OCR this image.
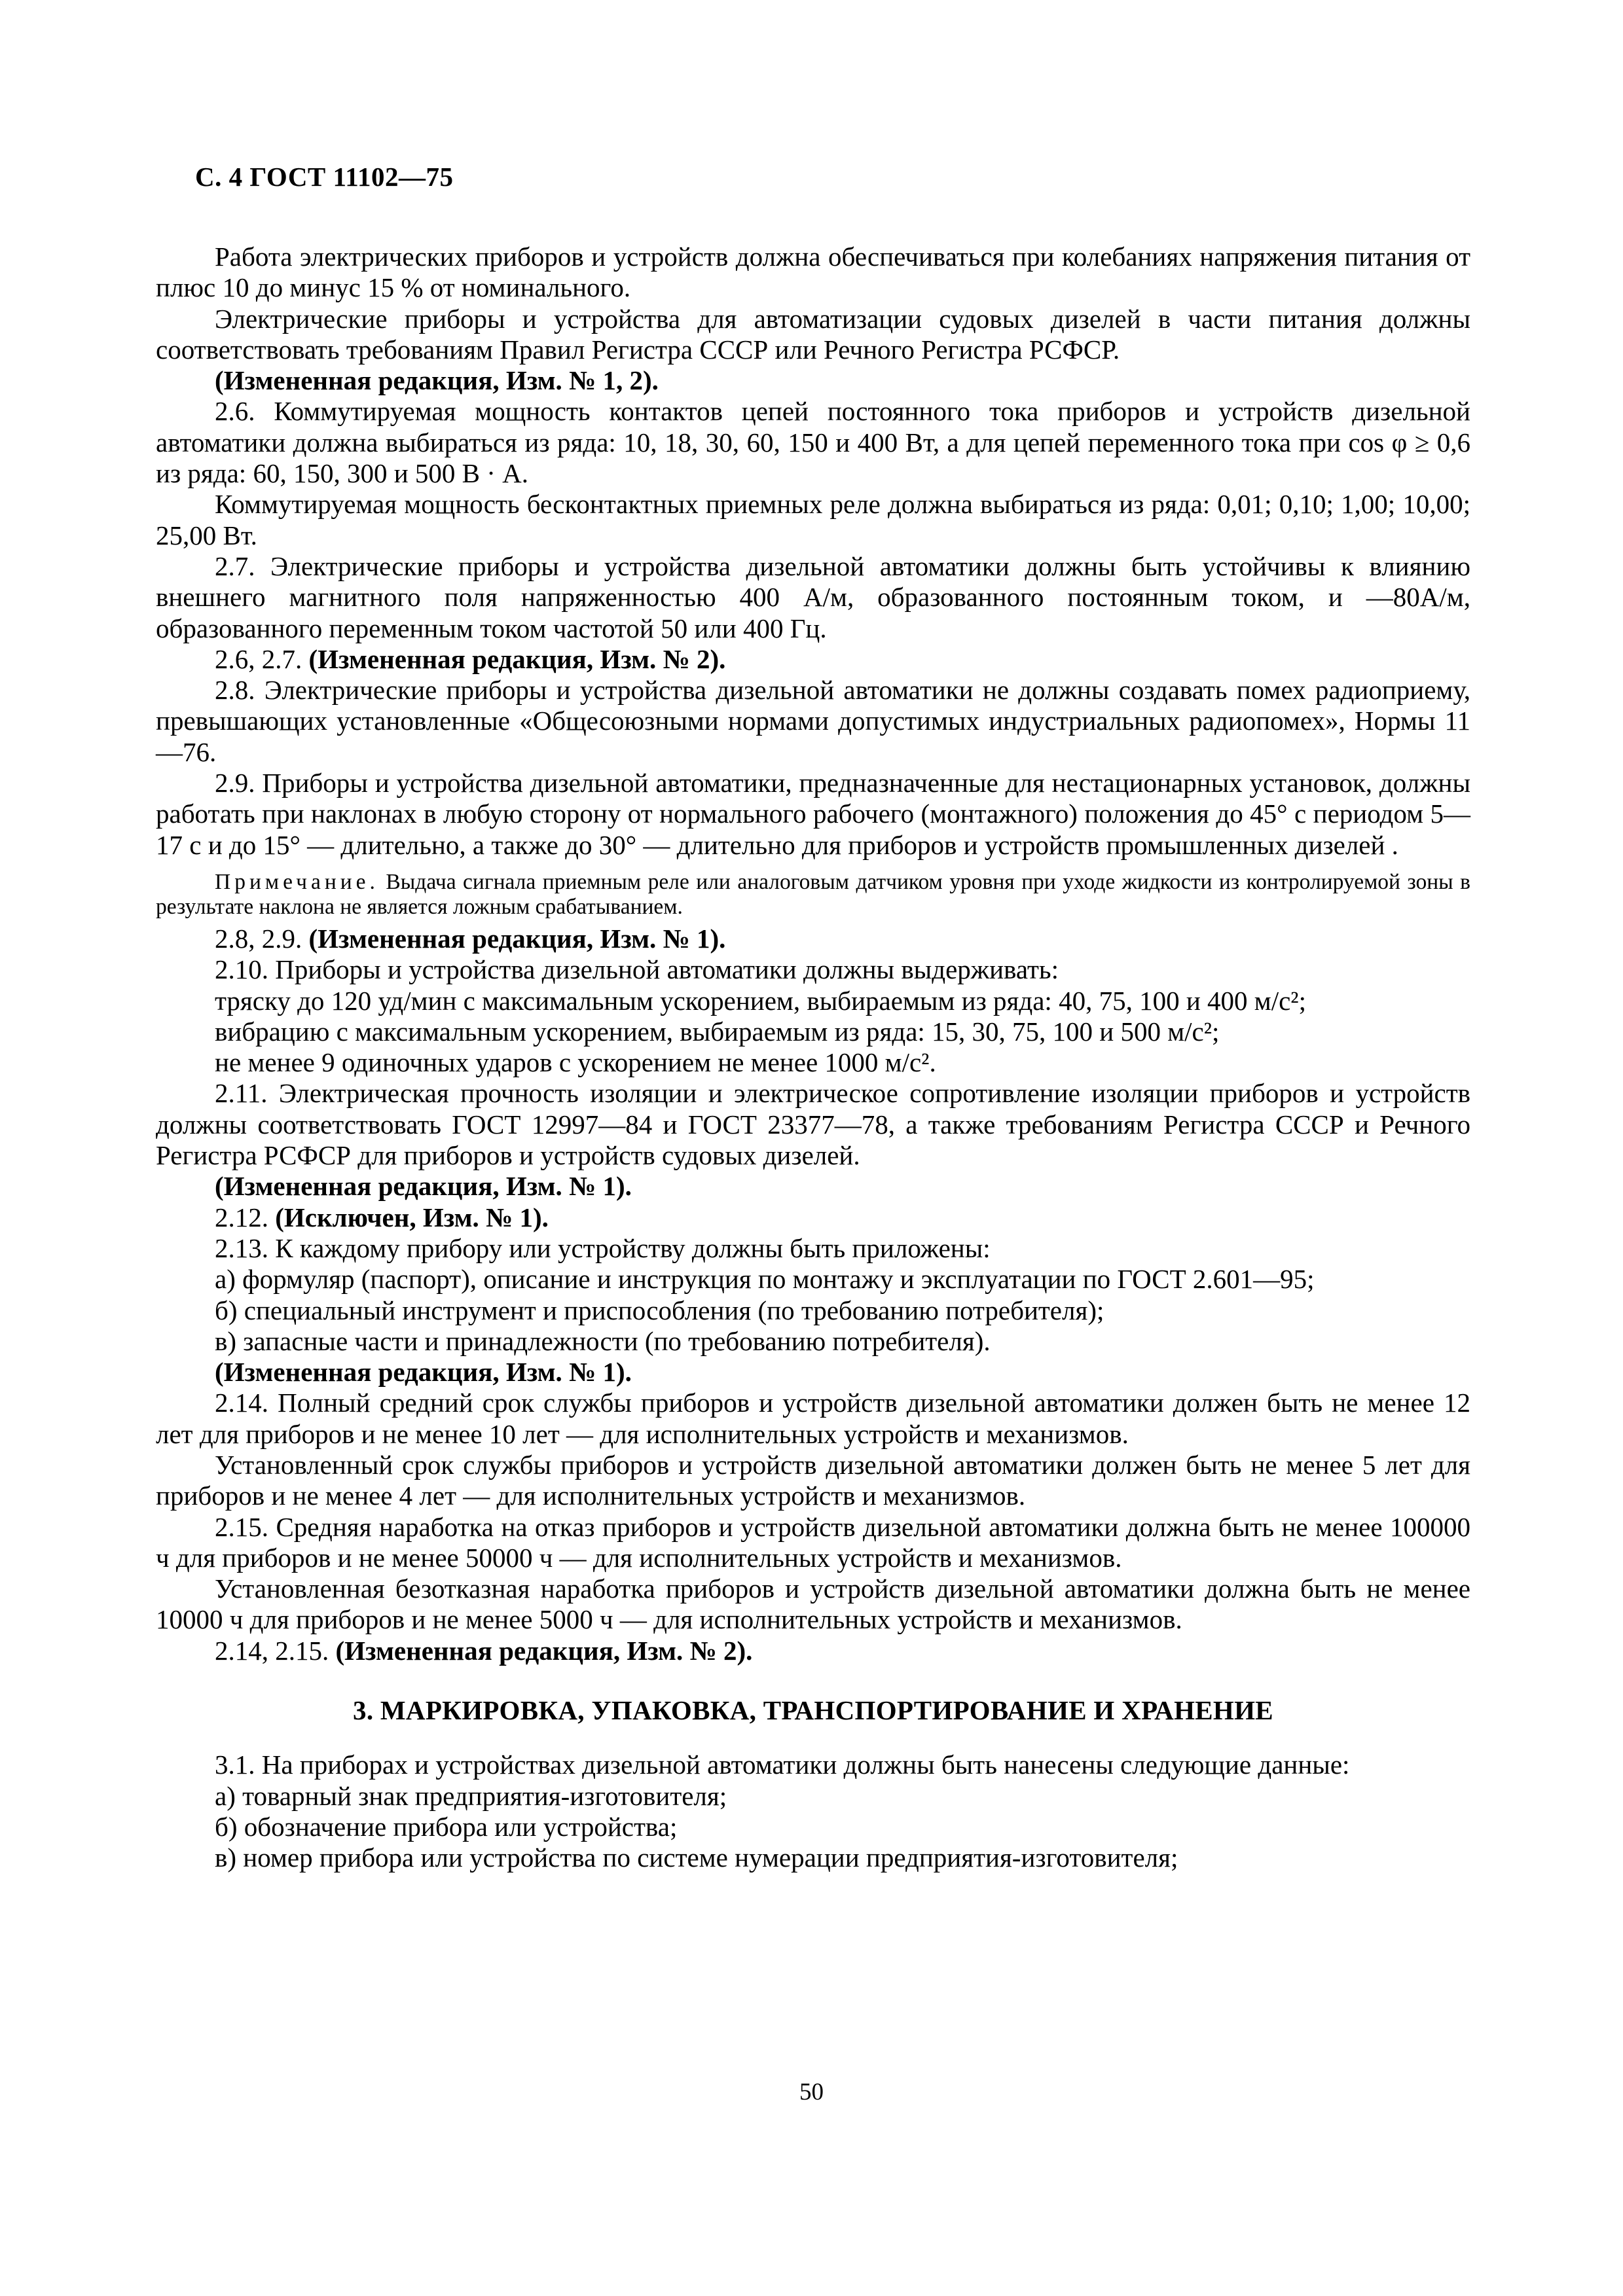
С. 4 ГОСТ 11102—75

Работа электрических приборов и устройств должна обеспечиваться при колебаниях напряжения питания от плюс 10 до минус 15 % от номинального.

Электрические приборы и устройства для автоматизации судовых дизелей в части питания должны соответствовать требованиям Правил Регистра СССР или Речного Регистра РСФСР.

(Измененная редакция, Изм. № 1, 2).

2.6. Коммутируемая мощность контактов цепей постоянного тока приборов и устройств дизельной автоматики должна выбираться из ряда: 10, 18, 30, 60, 150 и 400 Вт, а для цепей переменного тока при cos φ ≥ 0,6 из ряда: 60, 150, 300 и 500 В · А.

Коммутируемая мощность бесконтактных приемных реле должна выбираться из ряда: 0,01; 0,10; 1,00; 10,00; 25,00 Вт.

2.7. Электрические приборы и устройства дизельной автоматики должны быть устойчивы к влиянию внешнего магнитного поля напряженностью 400 А/м, образованного постоянным током, и —80А/м, образованного переменным током частотой 50 или 400 Гц.

2.6, 2.7. (Измененная редакция, Изм. № 2).

2.8. Электрические приборы и устройства дизельной автоматики не должны создавать помех радиоприему, превышающих установленные «Общесоюзными нормами допустимых индустриальных радиопомех», Нормы 11—76.

2.9. Приборы и устройства дизельной автоматики, предназначенные для нестационарных установок, должны работать при наклонах в любую сторону от нормального рабочего (монтажного) положения до 45° с периодом 5—17 с и до 15° — длительно, а также до 30° — длительно для приборов и устройств промышленных дизелей .

Примечание. Выдача сигнала приемным реле или аналоговым датчиком уровня при уходе жидкости из контролируемой зоны в результате наклона не является ложным срабатыванием.

2.8, 2.9. (Измененная редакция, Изм. № 1).

2.10. Приборы и устройства дизельной автоматики должны выдерживать:

тряску до 120 уд/мин с максимальным ускорением, выбираемым из ряда: 40, 75, 100 и 400 м/с²;

вибрацию с максимальным ускорением, выбираемым из ряда: 15, 30, 75, 100 и 500 м/с²;

не менее 9 одиночных ударов с ускорением не менее 1000 м/с².

2.11. Электрическая прочность изоляции и электрическое сопротивление изоляции приборов и устройств должны соответствовать ГОСТ 12997—84 и ГОСТ 23377—78, а также требованиям Регистра СССР и Речного Регистра РСФСР для приборов и устройств судовых дизелей.

(Измененная редакция, Изм. № 1).

2.12. (Исключен, Изм. № 1).

2.13. К каждому прибору или устройству должны быть приложены:

а) формуляр (паспорт), описание и инструкция по монтажу и эксплуатации по ГОСТ 2.601—95;

б) специальный инструмент и приспособления (по требованию потребителя);

в) запасные части и принадлежности (по требованию потребителя).

(Измененная редакция, Изм. № 1).

2.14. Полный средний срок службы приборов и устройств дизельной автоматики должен быть не менее 12 лет для приборов и не менее 10 лет — для исполнительных устройств и механизмов.

Установленный срок службы приборов и устройств дизельной автоматики должен быть не менее 5 лет для приборов и не менее 4 лет — для исполнительных устройств и механизмов.

2.15. Средняя наработка на отказ приборов и устройств дизельной автоматики должна быть не менее 100000 ч для приборов и не менее 50000 ч — для исполнительных устройств и механизмов.

Установленная безотказная наработка приборов и устройств дизельной автоматики должна быть не менее 10000 ч для приборов и не менее 5000 ч — для исполнительных устройств и механизмов.

2.14, 2.15. (Измененная редакция, Изм. № 2).

3. МАРКИРОВКА, УПАКОВКА, ТРАНСПОРТИРОВАНИЕ И ХРАНЕНИЕ

3.1. На приборах и устройствах дизельной автоматики должны быть нанесены следующие данные:

а) товарный знак предприятия-изготовителя;

б) обозначение прибора или устройства;

в) номер прибора или устройства по системе нумерации предприятия-изготовителя;

50
